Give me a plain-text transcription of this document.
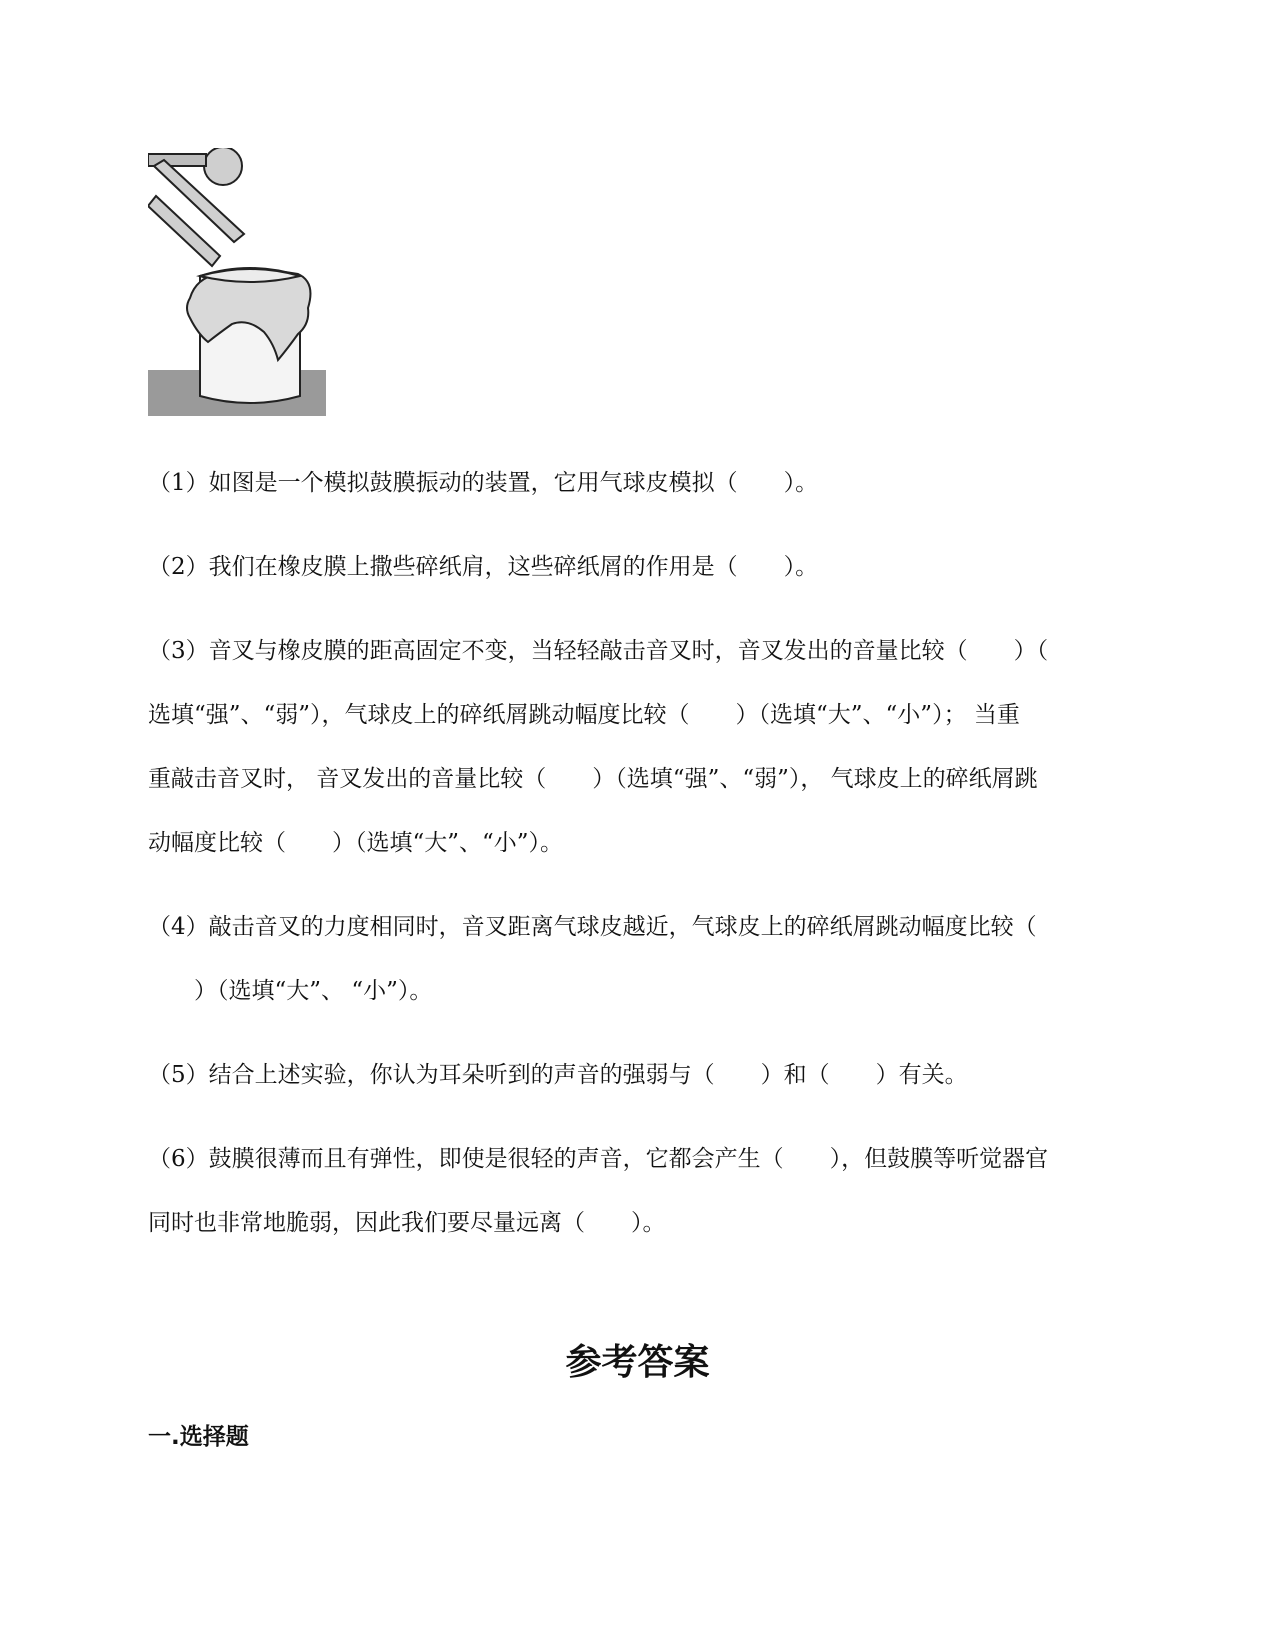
（1）如图是一个模拟鼓膜振动的装置，它用气球皮模拟（　　）。
（2）我们在橡皮膜上撒些碎纸肩，这些碎纸屑的作用是（　　）。
（3）音叉与橡皮膜的距高固定不变，当轻轻敲击音叉时，音叉发出的音量比较（　　）（
选填“强”、“弱”），气球皮上的碎纸屑跳动幅度比较（　　）（选填“大”、“小”）； 当重
重敲击音叉时， 音叉发出的音量比较（　　）（选填“强”、“弱”）， 气球皮上的碎纸屑跳
动幅度比较（　　）（选填“大”、“小”）。
（4）敲击音叉的力度相同时，音叉距离气球皮越近，气球皮上的碎纸屑跳动幅度比较（
　　）（选填“大”、 “小”）。
（5）结合上述实验，你认为耳朵听到的声音的强弱与（　　）和（　　）有关。
（6）鼓膜很薄而且有弹性，即使是很轻的声音，它都会产生（　　），但鼓膜等听觉器官
同时也非常地脆弱，因此我们要尽量远离（　　）。
参考答案
一.选择题
